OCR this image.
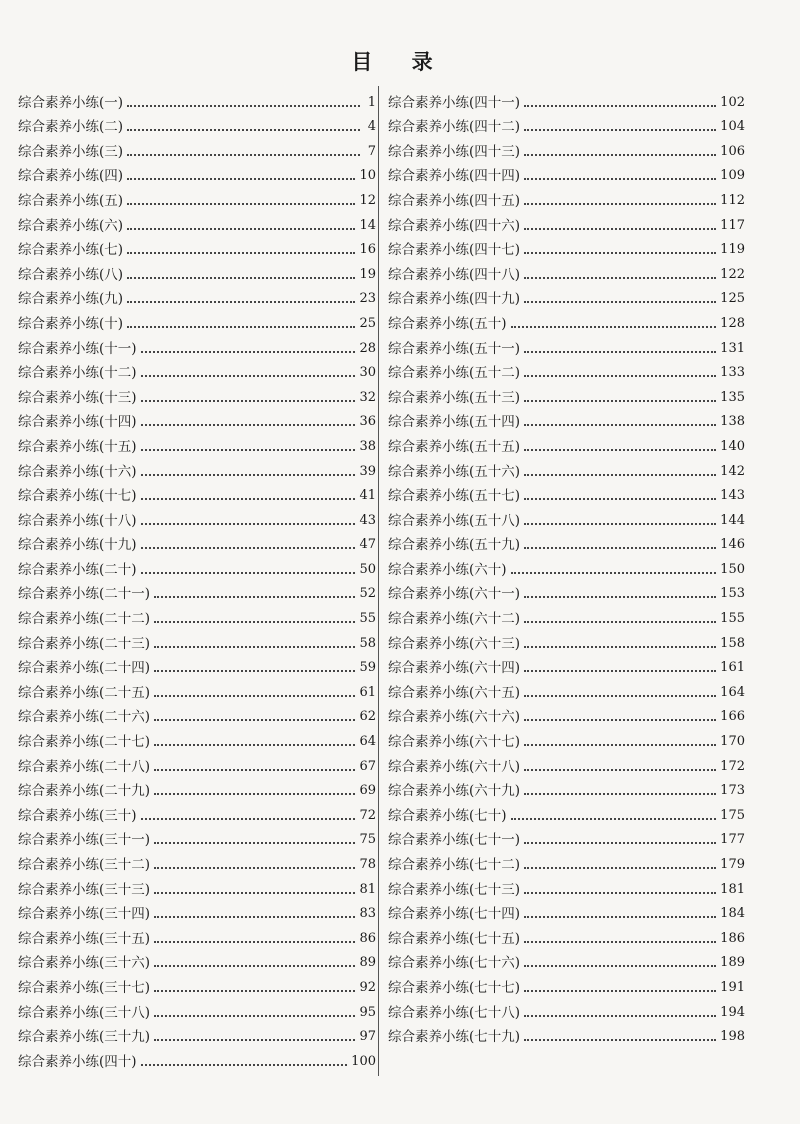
目 录
综合素养小练(一)	1
综合素养小练(二)	4
综合素养小练(三)	7
综合素养小练(四)	10
综合素养小练(五)	12
综合素养小练(六)	14
综合素养小练(七)	16
综合素养小练(八)	19
综合素养小练(九)	23
综合素养小练(十)	25
综合素养小练(十一)	28
综合素养小练(十二)	30
综合素养小练(十三)	32
综合素养小练(十四)	36
综合素养小练(十五)	38
综合素养小练(十六)	39
综合素养小练(十七)	41
综合素养小练(十八)	43
综合素养小练(十九)	47
综合素养小练(二十)	50
综合素养小练(二十一)	52
综合素养小练(二十二)	55
综合素养小练(二十三)	58
综合素养小练(二十四)	59
综合素养小练(二十五)	61
综合素养小练(二十六)	62
综合素养小练(二十七)	64
综合素养小练(二十八)	67
综合素养小练(二十九)	69
综合素养小练(三十)	72
综合素养小练(三十一)	75
综合素养小练(三十二)	78
综合素养小练(三十三)	81
综合素养小练(三十四)	83
综合素养小练(三十五)	86
综合素养小练(三十六)	89
综合素养小练(三十七)	92
综合素养小练(三十八)	95
综合素养小练(三十九)	97
综合素养小练(四十)	100
综合素养小练(四十一)	102
综合素养小练(四十二)	104
综合素养小练(四十三)	106
综合素养小练(四十四)	109
综合素养小练(四十五)	112
综合素养小练(四十六)	117
综合素养小练(四十七)	119
综合素养小练(四十八)	122
综合素养小练(四十九)	125
综合素养小练(五十)	128
综合素养小练(五十一)	131
综合素养小练(五十二)	133
综合素养小练(五十三)	135
综合素养小练(五十四)	138
综合素养小练(五十五)	140
综合素养小练(五十六)	142
综合素养小练(五十七)	143
综合素养小练(五十八)	144
综合素养小练(五十九)	146
综合素养小练(六十)	150
综合素养小练(六十一)	153
综合素养小练(六十二)	155
综合素养小练(六十三)	158
综合素养小练(六十四)	161
综合素养小练(六十五)	164
综合素养小练(六十六)	166
综合素养小练(六十七)	170
综合素养小练(六十八)	172
综合素养小练(六十九)	173
综合素养小练(七十)	175
综合素养小练(七十一)	177
综合素养小练(七十二)	179
综合素养小练(七十三)	181
综合素养小练(七十四)	184
综合素养小练(七十五)	186
综合素养小练(七十六)	189
综合素养小练(七十七)	191
综合素养小练(七十八)	194
综合素养小练(七十九)	198
